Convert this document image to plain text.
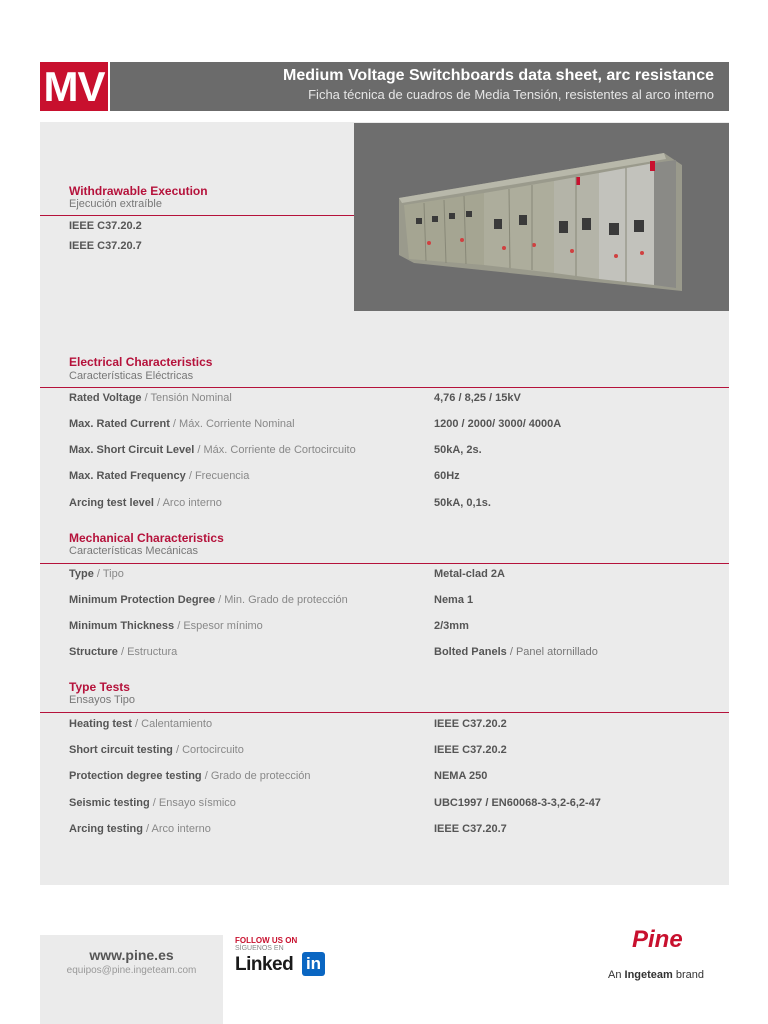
MV	Medium Voltage Switchboards data sheet, arc resistance
Ficha técnica de cuadros de Media Tensión, resistentes al arco interno
Withdrawable Execution
Ejecución extraíble
IEEE C37.20.2
IEEE C37.20.7
Electrical Characteristics
Características Eléctricas
Rated Voltage / Tensión Nominal	4,76 / 8,25 / 15kV
Max. Rated Current / Máx. Corriente Nominal	1200 / 2000/ 3000/ 4000A
Max. Short Circuit Level / Máx. Corriente de Cortocircuito	50kA, 2s.
Max. Rated Frequency / Frecuencia	60Hz
Arcing test level / Arco interno	50kA, 0,1s.
Mechanical Characteristics
Características Mecánicas
Type / Tipo	Metal-clad 2A
Minimum Protection Degree / Min. Grado de protección	Nema 1
Minimum Thickness / Espesor mínimo	2/3mm
Structure / Estructura	Bolted Panels / Panel atornillado
Type Tests
Ensayos Tipo
Heating test / Calentamiento	IEEE C37.20.2
Short circuit testing / Cortocircuito	IEEE C37.20.2
Protection degree testing / Grado de protección	NEMA 250
Seismic testing / Ensayo sísmico	UBC1997 / EN60068-3-3,2-6,2-47
Arcing testing / Arco interno	IEEE C37.20.7
www.pine.es
equipos@pine.ingeteam.com
FOLLOW US ON
SÍGUENOS EN
Linked in
Pine
An Ingeteam brand
